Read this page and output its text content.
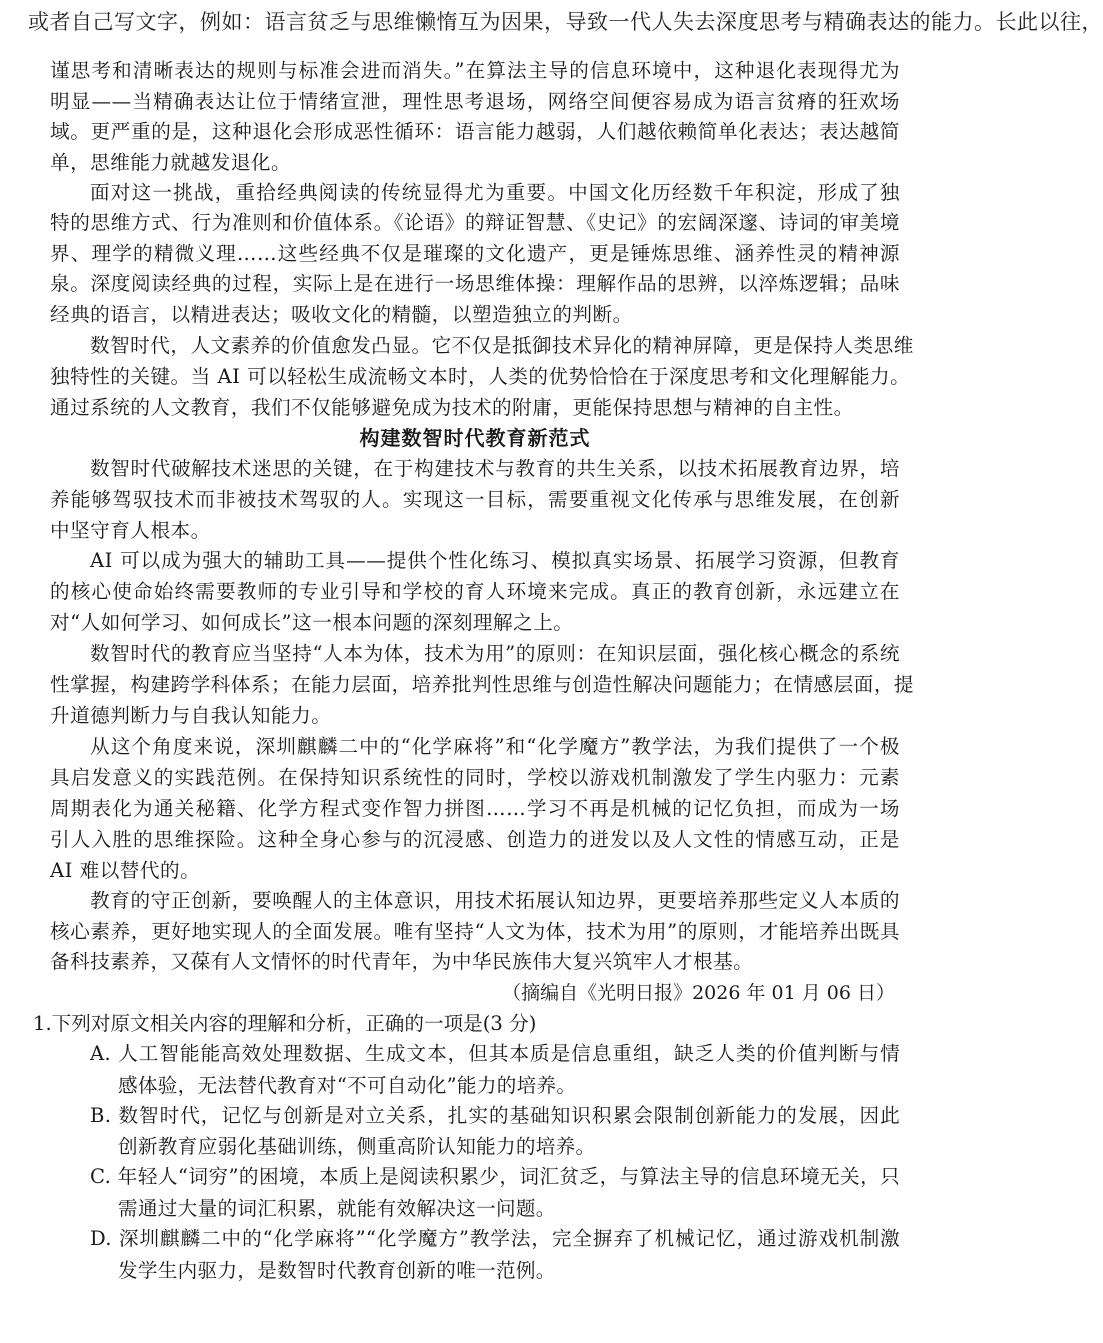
或者自己写文字，例如：语言贫乏与思维懒惰互为因果，导致一代人失去深度思考与精确表达的能力。长此以往，
谨思考和清晰表达的规则与标准会进而消失。”在算法主导的信息环境中，这种退化表现得尤为
明显——当精确表达让位于情绪宣泄，理性思考退场，网络空间便容易成为语言贫瘠的狂欢场
域。更严重的是，这种退化会形成恶性循环：语言能力越弱，人们越依赖简单化表达；表达越简
单，思维能力就越发退化。
面对这一挑战，重拾经典阅读的传统显得尤为重要。中国文化历经数千年积淀，形成了独
特的思维方式、行为准则和价值体系。《论语》的辩证智慧、《史记》的宏阔深邃、诗词的审美境
界、理学的精微义理……这些经典不仅是璀璨的文化遗产，更是锤炼思维、涵养性灵的精神源
泉。深度阅读经典的过程，实际上是在进行一场思维体操：理解作品的思辨，以淬炼逻辑；品味
经典的语言，以精进表达；吸收文化的精髓，以塑造独立的判断。
数智时代，人文素养的价值愈发凸显。它不仅是抵御技术异化的精神屏障，更是保持人类思维
独特性的关键。当 AI 可以轻松生成流畅文本时，人类的优势恰恰在于深度思考和文化理解能力。
通过系统的人文教育，我们不仅能够避免成为技术的附庸，更能保持思想与精神的自主性。
构建数智时代教育新范式
数智时代破解技术迷思的关键，在于构建技术与教育的共生关系，以技术拓展教育边界，培
养能够驾驭技术而非被技术驾驭的人。实现这一目标，需要重视文化传承与思维发展，在创新
中坚守育人根本。
AI 可以成为强大的辅助工具——提供个性化练习、模拟真实场景、拓展学习资源，但教育
的核心使命始终需要教师的专业引导和学校的育人环境来完成。真正的教育创新，永远建立在
对“人如何学习、如何成长”这一根本问题的深刻理解之上。
数智时代的教育应当坚持“人本为体，技术为用”的原则：在知识层面，强化核心概念的系统
性掌握，构建跨学科体系；在能力层面，培养批判性思维与创造性解决问题能力；在情感层面，提
升道德判断力与自我认知能力。
从这个角度来说，深圳麒麟二中的“化学麻将”和“化学魔方”教学法，为我们提供了一个极
具启发意义的实践范例。在保持知识系统性的同时，学校以游戏机制激发了学生内驱力：元素
周期表化为通关秘籍、化学方程式变作智力拼图……学习不再是机械的记忆负担，而成为一场
引人入胜的思维探险。这种全身心参与的沉浸感、创造力的迸发以及人文性的情感互动，正是
AI 难以替代的。
教育的守正创新，要唤醒人的主体意识，用技术拓展认知边界，更要培养那些定义人本质的
核心素养，更好地实现人的全面发展。唯有坚持“人文为体，技术为用”的原则，才能培养出既具
备科技素养，又葆有人文情怀的时代青年，为中华民族伟大复兴筑牢人才根基。
（摘编自《光明日报》2026 年 01 月 06 日）
1.下列对原文相关内容的理解和分析，正确的一项是(3 分)
A. 人工智能能高效处理数据、生成文本，但其本质是信息重组，缺乏人类的价值判断与情
感体验，无法替代教育对“不可自动化”能力的培养。
B. 数智时代，记忆与创新是对立关系，扎实的基础知识积累会限制创新能力的发展，因此
创新教育应弱化基础训练，侧重高阶认知能力的培养。
C. 年轻人“词穷”的困境，本质上是阅读积累少，词汇贫乏，与算法主导的信息环境无关，只
需通过大量的词汇积累，就能有效解决这一问题。
D. 深圳麒麟二中的“化学麻将”“化学魔方”教学法，完全摒弃了机械记忆，通过游戏机制激
发学生内驱力，是数智时代教育创新的唯一范例。
